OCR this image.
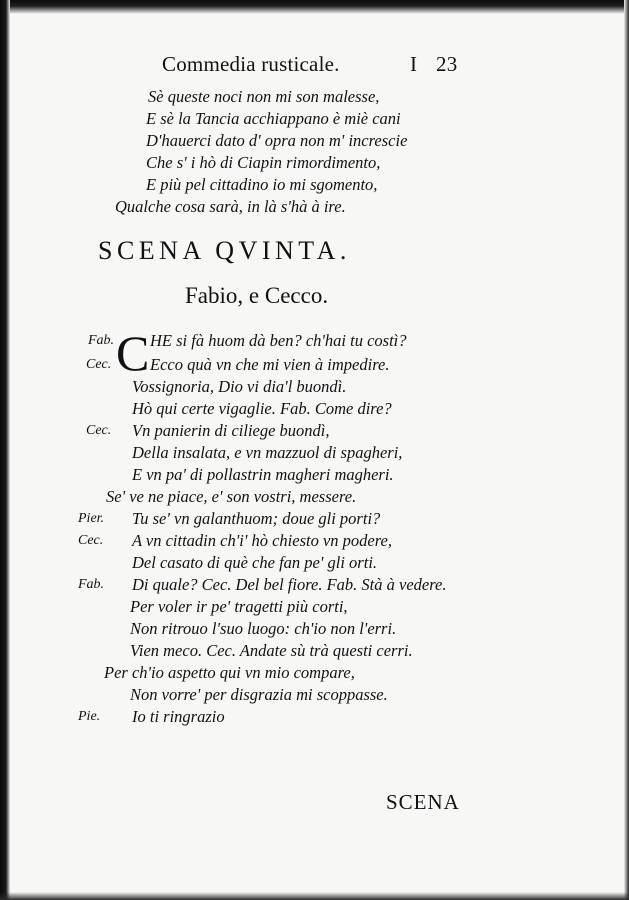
Commedia rusticale.	I 23
Sè queste noci non mi son malesse,
E sè la Tancia acchiappano è miè cani
D'hauerci dato d' opra non m' increscie
Che s' i hò di Ciapin rimordimento,
E più pel cittadino io mi sgomento,
Qualche cosa sarà, in là s'hà à ire.
SCENA QVINTA.
Fabio, e Cecco.
C HE si fà huom dà ben? ch'hai tu costì?
Fab.
Cec. Ecco quà vn che mi vien à impedire.
Vossignoria, Dio vi dia'l buondì.
Hò qui certe vigaglie. Fab. Come dire?
Cec. Vn panierin di ciliege buondì,
Della insalata, e vn mazzuol di spagheri,
E vn pa' di pollastrin magheri magheri.
Se' ve ne piace, e' son vostri, messere.
Pier. Tu se' vn galanthuom; doue gli porti?
Cec. A vn cittadin ch'i' hò chiesto vn podere,
Del casato di què che fan pe' gli orti.
Fab. Di quale? Cec. Del bel fiore. Fab. Stà à vedere.
Per voler ir pe' tragetti più corti,
Non ritrouo l'suo luogo: ch'io non l'erri.
Vien meco. Cec. Andate sù trà questi cerri.
Per ch'io aspetto qui vn mio compare,
Non vorre' per disgrazia mi scoppasse.
Pie. Io ti ringrazio
SCENA
